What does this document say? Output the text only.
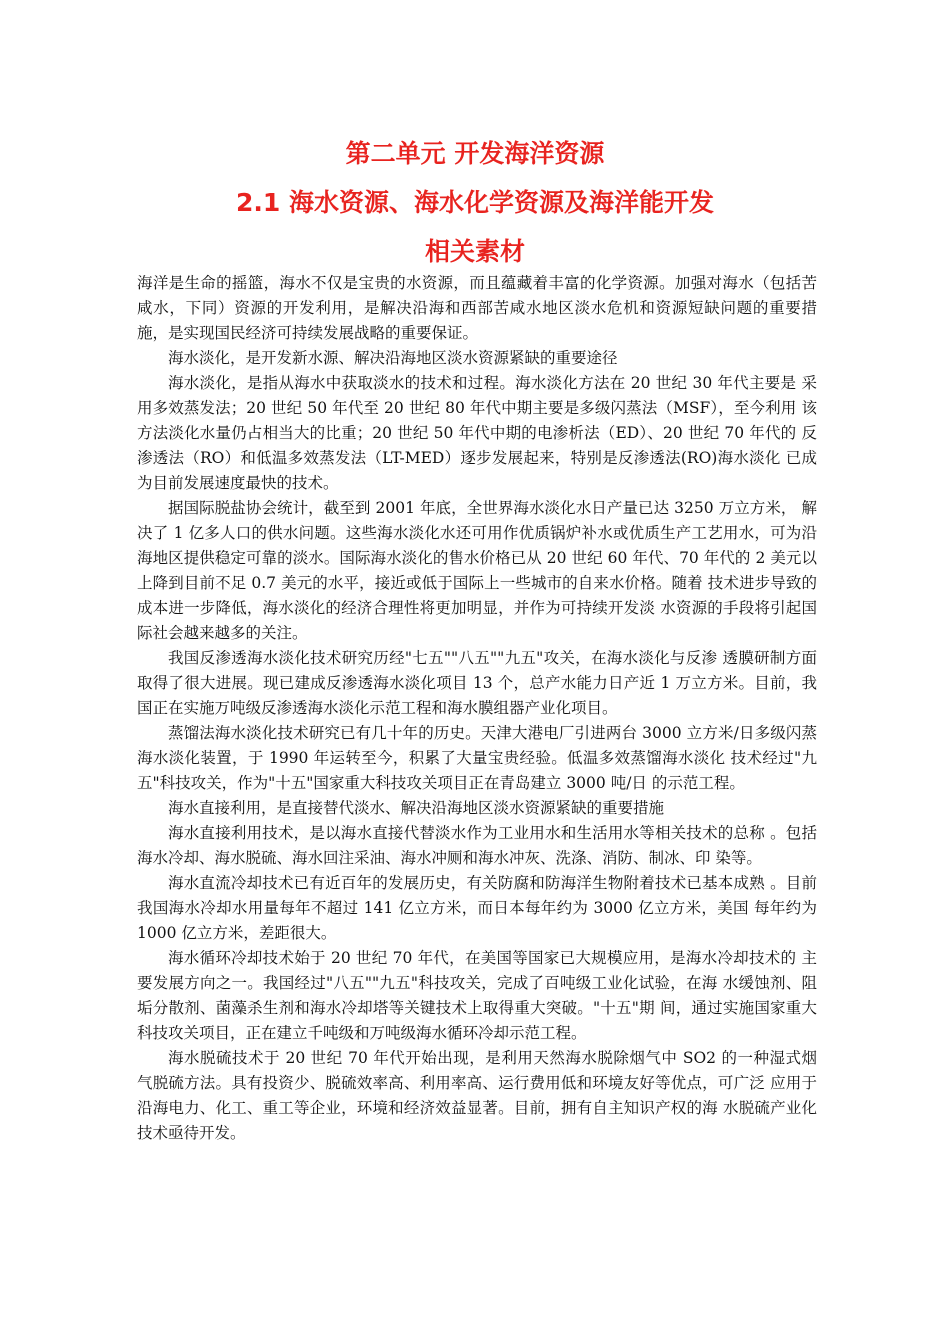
第二单元 开发海洋资源
2.1 海水资源、海水化学资源及海洋能开发
相关素材

海洋是生命的摇篮，海水不仅是宝贵的水资源，而且蕴藏着丰富的化学资源。加强对海水（包括苦咸水，下同）资源的开发利用，是解决沿海和西部苦咸水地区淡水危机和资源短缺问题的重要措施，是实现国民经济可持续发展战略的重要保证。

海水淡化，是开发新水源、解决沿海地区淡水资源紧缺的重要途径

海水淡化，是指从海水中获取淡水的技术和过程。海水淡化方法在 20 世纪 30 年代主要是 采用多效蒸发法；20 世纪 50 年代至 20 世纪 80 年代中期主要是多级闪蒸法（MSF），至今利用 该方法淡化水量仍占相当大的比重；20 世纪 50 年代中期的电渗析法（ED）、20 世纪 70 年代的 反渗透法（RO）和低温多效蒸发法（LT-MED）逐步发展起来，特别是反渗透法(RO)海水淡化 已成为目前发展速度最快的技术。

据国际脱盐协会统计，截至到 2001 年底，全世界海水淡化水日产量已达 3250 万立方米， 解决了 1 亿多人口的供水问题。这些海水淡化水还可用作优质锅炉补水或优质生产工艺用水，可为沿海地区提供稳定可靠的淡水。国际海水淡化的售水价格已从 20 世纪 60 年代、70 年代的 2 美元以上降到目前不足 0.7 美元的水平，接近或低于国际上一些城市的自来水价格。随着 技术进步导致的成本进一步降低，海水淡化的经济合理性将更加明显，并作为可持续开发淡 水资源的手段将引起国际社会越来越多的关注。

我国反渗透海水淡化技术研究历经"七五""八五""九五"攻关，在海水淡化与反渗 透膜研制方面取得了很大进展。现已建成反渗透海水淡化项目 13 个，总产水能力日产近 1 万立方米。目前，我国正在实施万吨级反渗透海水淡化示范工程和海水膜组器产业化项目。

蒸馏法海水淡化技术研究已有几十年的历史。天津大港电厂引进两台 3000 立方米/日多级闪蒸海水淡化装置，于 1990 年运转至今，积累了大量宝贵经验。低温多效蒸馏海水淡化 技术经过"九五"科技攻关，作为"十五"国家重大科技攻关项目正在青岛建立 3000 吨/日 的示范工程。

海水直接利用，是直接替代淡水、解决沿海地区淡水资源紧缺的重要措施

海水直接利用技术，是以海水直接代替淡水作为工业用水和生活用水等相关技术的总称 。包括海水冷却、海水脱硫、海水回注采油、海水冲厕和海水冲灰、洗涤、消防、制冰、印 染等。

海水直流冷却技术已有近百年的发展历史，有关防腐和防海洋生物附着技术已基本成熟 。目前我国海水冷却水用量每年不超过 141 亿立方米，而日本每年约为 3000 亿立方米，美国 每年约为 1000 亿立方米，差距很大。

海水循环冷却技术始于 20 世纪 70 年代，在美国等国家已大规模应用，是海水冷却技术的 主要发展方向之一。我国经过"八五""九五"科技攻关，完成了百吨级工业化试验，在海 水缓蚀剂、阻垢分散剂、菌藻杀生剂和海水冷却塔等关键技术上取得重大突破。"十五"期 间，通过实施国家重大科技攻关项目，正在建立千吨级和万吨级海水循环冷却示范工程。

海水脱硫技术于 20 世纪 70 年代开始出现，是利用天然海水脱除烟气中 SO2 的一种湿式烟 气脱硫方法。具有投资少、脱硫效率高、利用率高、运行费用低和环境友好等优点，可广泛 应用于沿海电力、化工、重工等企业，环境和经济效益显著。目前，拥有自主知识产权的海 水脱硫产业化技术亟待开发。
